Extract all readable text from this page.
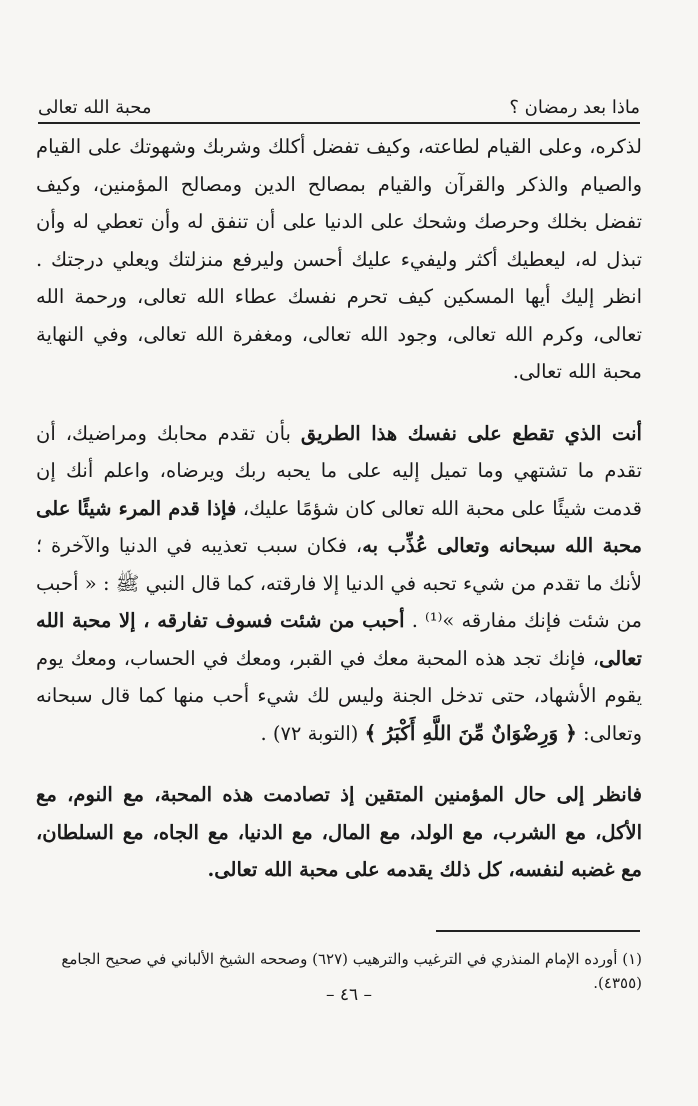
ماذا بعد رمضان ؟
محبة الله تعالى

لذكره، وعلى القيام لطاعته، وكيف تفضل أكلك وشربك وشهوتك على القيام والصيام والذكر والقرآن والقيام بمصالح الدين ومصالح المؤمنين، وكيف تفضل بخلك وحرصك وشحك على الدنيا على أن تنفق له وأن تعطي له وأن تبذل له، ليعطيك أكثر وليفيء عليك أحسن وليرفع منزلتك ويعلي درجتك . انظر إليك أيها المسكين كيف تحرم نفسك عطاء الله تعالى، ورحمة الله تعالى، وكرم الله تعالى، وجود الله تعالى، ومغفرة الله تعالى، وفي النهاية محبة الله تعالى.

أنت الذي تقطع على نفسك هذا الطريق بأن تقدم محابك ومراضيك، أن تقدم ما تشتهي وما تميل إليه على ما يحبه ربك ويرضاه، واعلم أنك إن قدمت شيئًا على محبة الله تعالى كان شؤمًا عليك، فإذا قدم المرء شيئًا على محبة الله سبحانه وتعالى عُذِّب به، فكان سبب تعذيبه في الدنيا والآخرة ؛ لأنك ما تقدم من شيء تحبه في الدنيا إلا فارقته، كما قال النبي ﷺ : « أحبب من شئت فإنك مفارقه »⁽¹⁾ . أحبب من شئت فسوف تفارقه ، إلا محبة الله تعالى، فإنك تجد هذه المحبة معك في القبر، ومعك في الحساب، ومعك يوم يقوم الأشهاد، حتى تدخل الجنة وليس لك شيء أحب منها كما قال سبحانه وتعالى: ﴿ وَرِضْوَانٌ مِّنَ اللَّهِ أَكْبَرُ ﴾ (التوبة ٧٢) .

فانظر إلى حال المؤمنين المتقين إذ تصادمت هذه المحبة، مع النوم، مع الأكل، مع الشرب، مع الولد، مع المال، مع الدنيا، مع الجاه، مع السلطان، مع غضبه لنفسه، كل ذلك يقدمه على محبة الله تعالى.

(١) أورده الإمام المنذري في الترغيب والترهيب (٦٢٧) وصححه الشيخ الألباني في صحيح الجامع (٤٣٥٥).
– ٤٦ –
